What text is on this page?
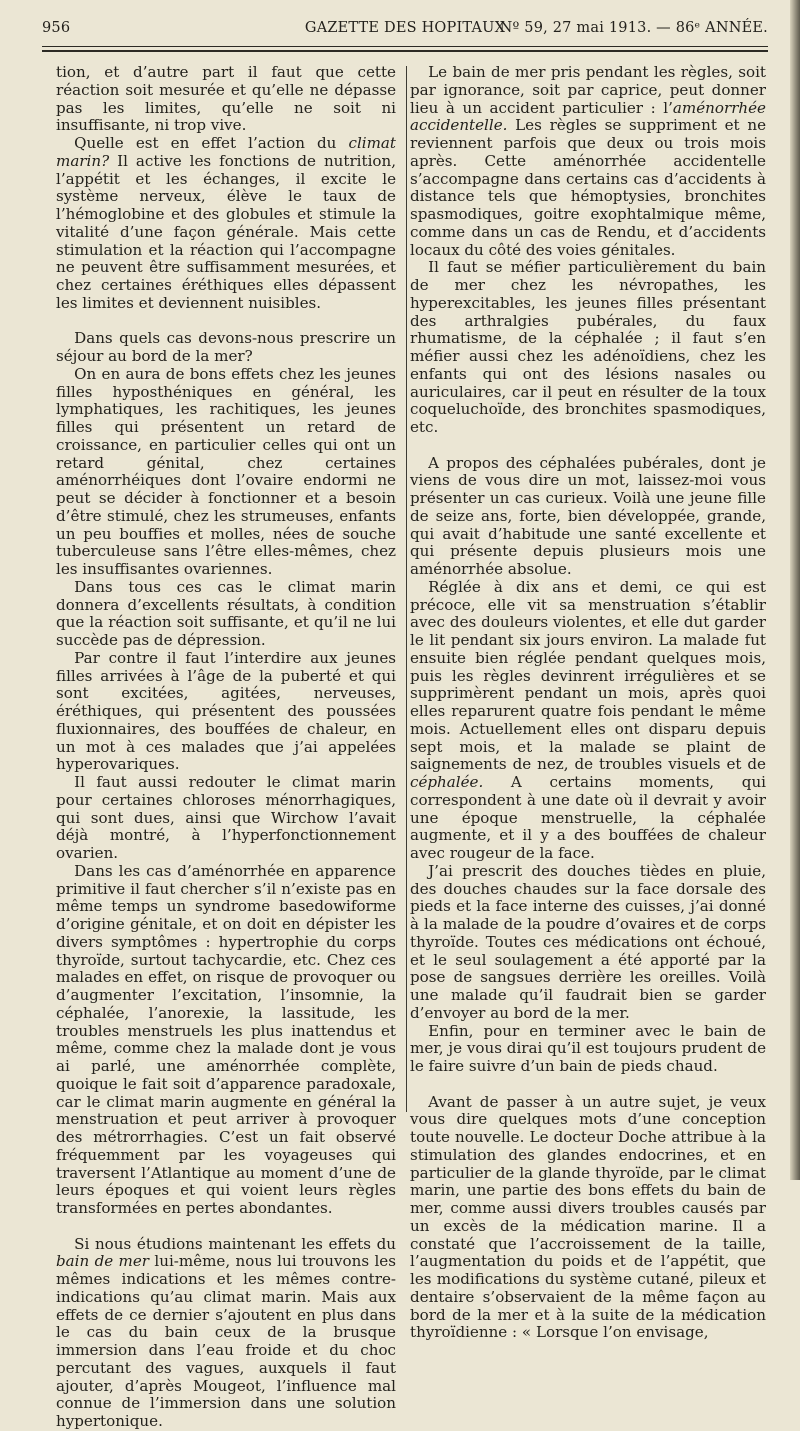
956	GAZETTE DES HOPITAUX
Nº 59, 27 mai 1913. — 86ᵉ ANNÉE.

tion, et d’autre part il faut que cette réaction soit mesurée et qu’elle ne dépasse pas les limites, qu’elle ne soit ni insuffisante, ni trop vive.

Quelle est en effet l’action du climat marin? Il active les fonctions de nutrition, l’appétit et les échanges, il excite le système nerveux, élève le taux de l’hémoglobine et des globules et stimule la vitalité d’une façon générale. Mais cette stimulation et la réaction qui l’accompagne ne peuvent être suffisamment mesurées, et chez certaines éréthiques elles dépassent les limites et deviennent nuisibles.

Dans quels cas devons-nous prescrire un séjour au bord de la mer?

On en aura de bons effets chez les jeunes filles hyposthéniques en général, les lymphatiques, les rachitiques, les jeunes filles qui présentent un retard de croissance, en particulier celles qui ont un retard génital, chez certaines aménorrhéiques dont l’ovaire endormi ne peut se décider à fonctionner et a besoin d’être stimulé, chez les strumeuses, enfants un peu bouffies et molles, nées de souche tuberculeuse sans l’être elles-mêmes, chez les insuffisantes ovariennes.

Dans tous ces cas le climat marin donnera d’excellents résultats, à condition que la réaction soit suffisante, et qu’il ne lui succède pas de dépression.

Par contre il faut l’interdire aux jeunes filles arrivées à l’âge de la puberté et qui sont excitées, agitées, nerveuses, éréthiques, qui présentent des poussées fluxionnaires, des bouffées de chaleur, en un mot à ces malades que j’ai appelées hyperovariques.

Il faut aussi redouter le climat marin pour certaines chloroses ménorrhagiques, qui sont dues, ainsi que Wirchow l’avait déjà montré, à l’hyperfonctionnement ovarien.

Dans les cas d’aménorrhée en apparence primitive il faut chercher s’il n’existe pas en même temps un syndrome basedowiforme d’origine génitale, et on doit en dépister les divers symptômes : hypertrophie du corps thyroïde, surtout tachycardie, etc. Chez ces malades en effet, on risque de provoquer ou d’augmenter l’excitation, l’insomnie, la céphalée, l’anorexie, la lassitude, les troubles menstruels les plus inattendus et même, comme chez la malade dont je vous ai parlé, une aménorrhée complète, quoique le fait soit d’apparence paradoxale, car le climat marin augmente en général la menstruation et peut arriver à provoquer des métrorrhagies. C’est un fait observé fréquemment par les voyageuses qui traversent l’Atlantique au moment d’une de leurs époques et qui voient leurs règles transformées en pertes abondantes.

Si nous étudions maintenant les effets du bain de mer lui-même, nous lui trouvons les mêmes indications et les mêmes contre-indications qu’au climat marin. Mais aux effets de ce dernier s’ajoutent en plus dans le cas du bain ceux de la brusque immersion dans l’eau froide et du choc percutant des vagues, auxquels il faut ajouter, d’après Mougeot, l’influence mal connue de l’immersion dans une solution hypertonique.

Le bain de mer pris pendant les règles, soit par ignorance, soit par caprice, peut donner lieu à un accident particulier : l’aménorrhée accidentelle. Les règles se suppriment et ne reviennent parfois que deux ou trois mois après. Cette aménorrhée accidentelle s’accompagne dans certains cas d’accidents à distance tels que hémoptysies, bronchites spasmodiques, goitre exophtalmique même, comme dans un cas de Rendu, et d’accidents locaux du côté des voies génitales.

Il faut se méfier particulièrement du bain de mer chez les névropathes, les hyperexcitables, les jeunes filles présentant des arthralgies pubérales, du faux rhumatisme, de la céphalée ; il faut s’en méfier aussi chez les adénoïdiens, chez les enfants qui ont des lésions nasales ou auriculaires, car il peut en résulter de la toux coqueluchoïde, des bronchites spasmodiques, etc.

A propos des céphalées pubérales, dont je viens de vous dire un mot, laissez-moi vous présenter un cas curieux. Voilà une jeune fille de seize ans, forte, bien développée, grande, qui avait d’habitude une santé excellente et qui présente depuis plusieurs mois une aménorrhée absolue.

Réglée à dix ans et demi, ce qui est précoce, elle vit sa menstruation s’établir avec des douleurs violentes, et elle dut garder le lit pendant six jours environ. La malade fut ensuite bien réglée pendant quelques mois, puis les règles devinrent irrégulières et se supprimèrent pendant un mois, après quoi elles reparurent quatre fois pendant le même mois. Actuellement elles ont disparu depuis sept mois, et la malade se plaint de saignements de nez, de troubles visuels et de céphalée. A certains moments, qui correspondent à une date où il devrait y avoir une époque menstruelle, la céphalée augmente, et il y a des bouffées de chaleur avec rougeur de la face.

J’ai prescrit des douches tièdes en pluie, des douches chaudes sur la face dorsale des pieds et la face interne des cuisses, j’ai donné à la malade de la poudre d’ovaires et de corps thyroïde. Toutes ces médications ont échoué, et le seul soulagement a été apporté par la pose de sangsues derrière les oreilles. Voilà une malade qu’il faudrait bien se garder d’envoyer au bord de la mer.

Enfin, pour en terminer avec le bain de mer, je vous dirai qu’il est toujours prudent de le faire suivre d’un bain de pieds chaud.

Avant de passer à un autre sujet, je veux vous dire quelques mots d’une conception toute nouvelle. Le docteur Doche attribue à la stimulation des glandes endocrines, et en particulier de la glande thyroïde, par le climat marin, une partie des bons effets du bain de mer, comme aussi divers troubles causés par un excès de la médication marine. Il a constaté que l’accroissement de la taille, l’augmentation du poids et de l’appétit, que les modifications du système cutané, pileux et dentaire s’observaient de la même façon au bord de la mer et à la suite de la médication thyroïdienne : « Lorsque l’on envisage,
